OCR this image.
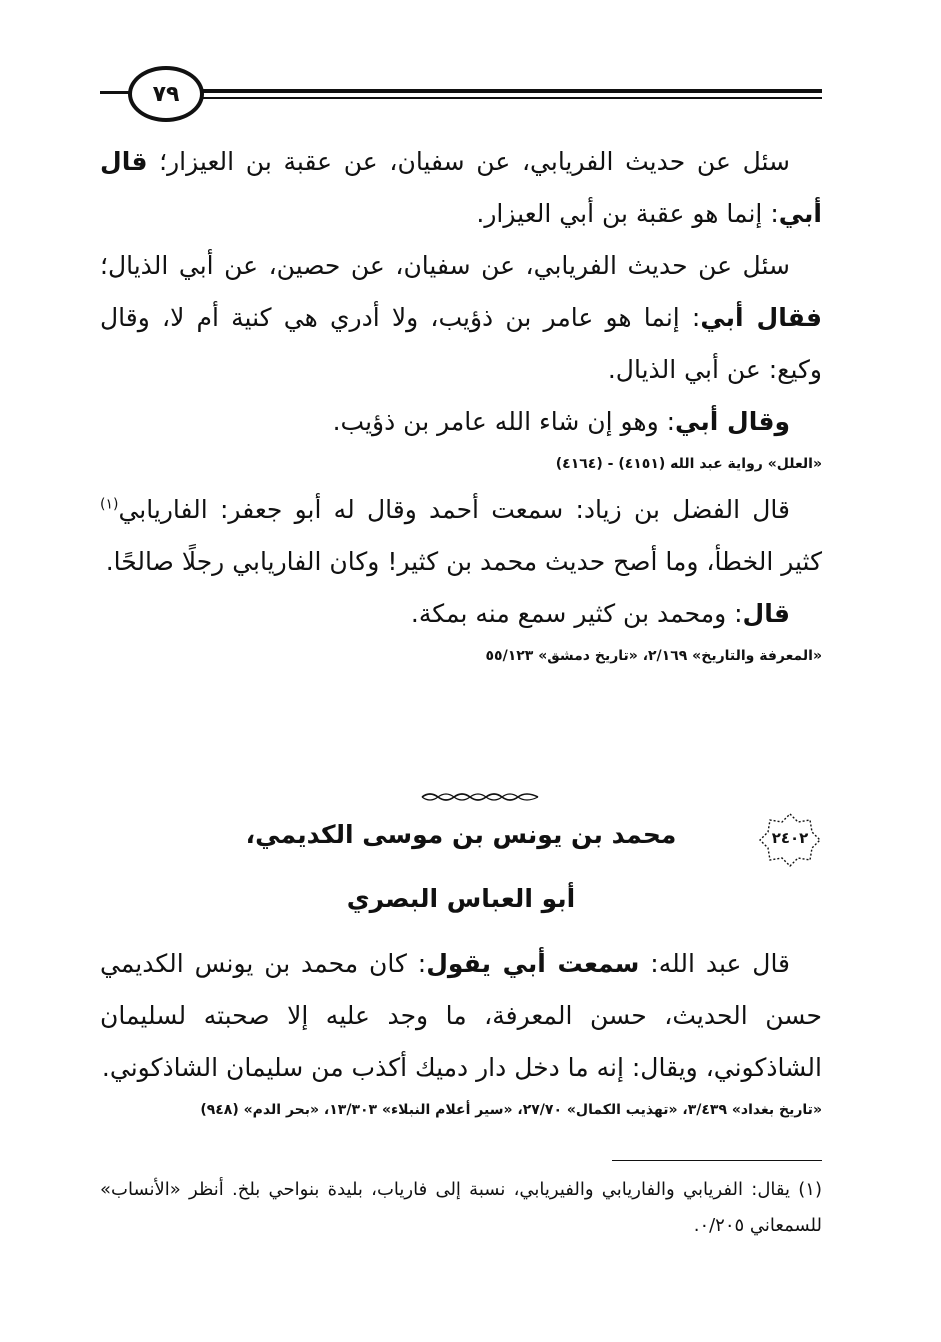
٧٩

سئل عن حديث الفريابي، عن سفيان، عن عقبة بن العيزار؛ قال أبي: إنما هو عقبة بن أبي العيزار.

سئل عن حديث الفريابي، عن سفيان، عن حصين، عن أبي الذيال؛ فقال أبي: إنما هو عامر بن ذؤيب، ولا أدري هي كنية أم لا، وقال وكيع: عن أبي الذيال.

وقال أبي: وهو إن شاء الله عامر بن ذؤيب.

«العلل» رواية عبد الله (٤١٥١) - (٤١٦٤)

قال الفضل بن زياد: سمعت أحمد وقال له أبو جعفر: الفاريابي$^{(١)}$ كثير الخطأ، وما أصح حديث محمد بن كثير! وكان الفاريابي رجلًا صالحًا.

قال: ومحمد بن كثير سمع منه بمكة.

«المعرفة والتاريخ» ٢/١٦٩، «تاريخ دمشق» ٥٥/١٢٣
٢٤٠٢
محمد بن يونس بن موسى الكديمي،
أبو العباس البصري

قال عبد الله: سمعت أبي يقول: كان محمد بن يونس الكديمي حسن الحديث، حسن المعرفة، ما وجد عليه إلا صحبته لسليمان الشاذكوني، ويقال: إنه ما دخل دار دميك أكذب من سليمان الشاذكوني.

«تاريخ بغداد» ٣/٤٣٩، «تهذيب الكمال» ٢٧/٧٠، «سير أعلام النبلاء» ١٣/٣٠٣، «بحر الدم» (٩٤٨)

(١) يقال: الفريابي والفاريابي والفيريابي، نسبة إلى فارياب، بليدة بنواحي بلخ. أنظر «الأنساب» للسمعاني ٠/٢٠٥.
